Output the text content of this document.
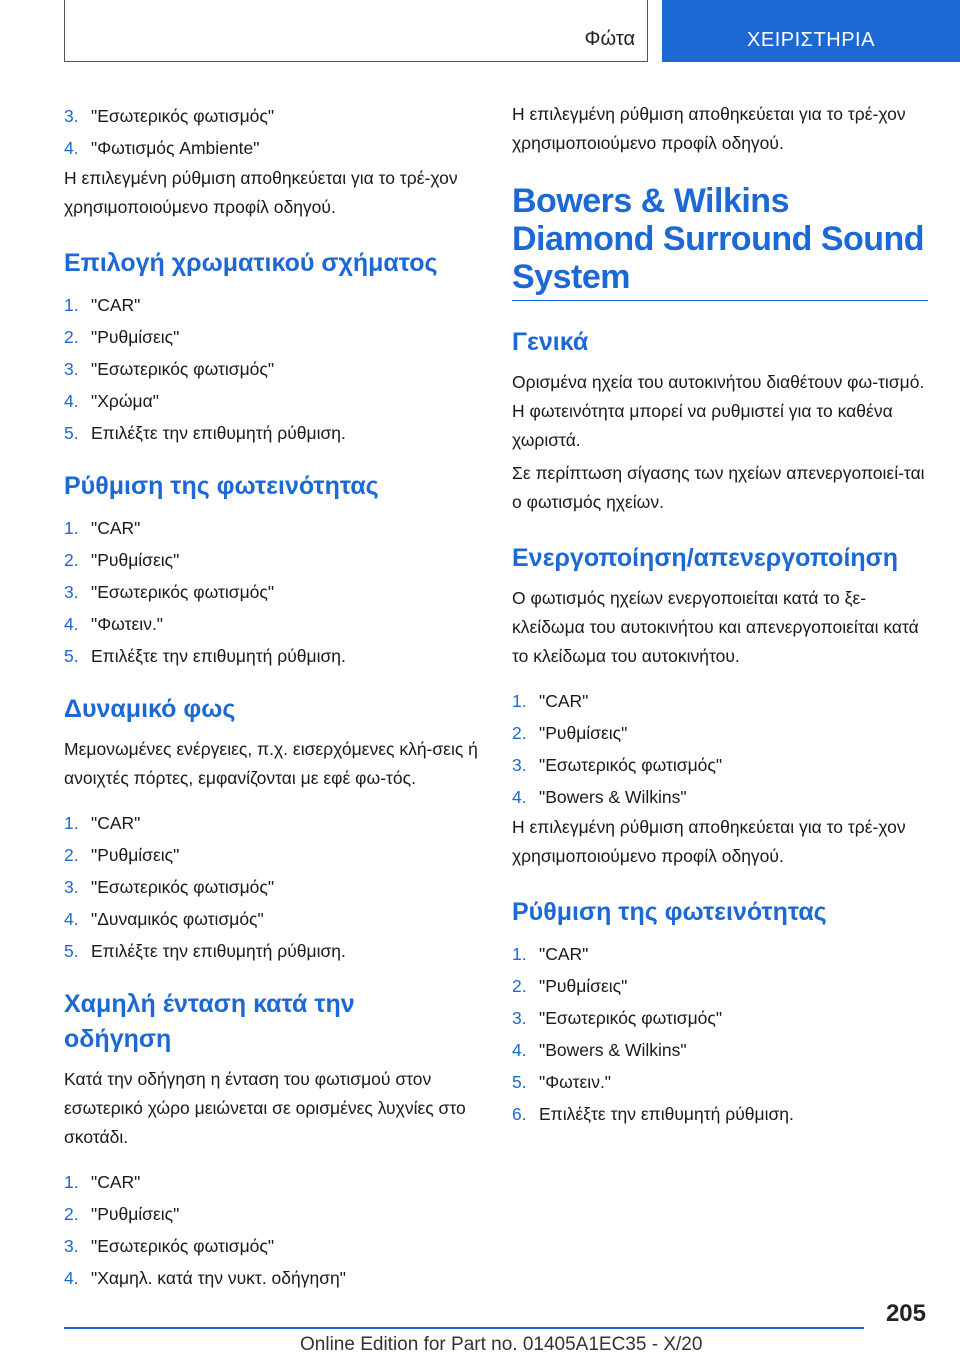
Φώτα	ΧΕΙΡΙΣΤΗΡΙΑ
3. "Εσωτερικός φωτισμός"
4. "Φωτισμός Ambiente"
Η επιλεγμένη ρύθμιση αποθηκεύεται για το τρέ-χον χρησιμοποιούμενο προφίλ οδηγού.
Επιλογή χρωματικού σχήματος
1. "CAR"
2. "Ρυθμίσεις"
3. "Εσωτερικός φωτισμός"
4. "Χρώμα"
5. Επιλέξτε την επιθυμητή ρύθμιση.
Ρύθμιση της φωτεινότητας
1. "CAR"
2. "Ρυθμίσεις"
3. "Εσωτερικός φωτισμός"
4. "Φωτειν."
5. Επιλέξτε την επιθυμητή ρύθμιση.
Δυναμικό φως
Μεμονωμένες ενέργειες, π.χ. εισερχόμενες κλή-σεις ή ανοιχτές πόρτες, εμφανίζονται με εφέ φω-τός.
1. "CAR"
2. "Ρυθμίσεις"
3. "Εσωτερικός φωτισμός"
4. "Δυναμικός φωτισμός"
5. Επιλέξτε την επιθυμητή ρύθμιση.
Χαμηλή ένταση κατά την οδήγηση
Κατά την οδήγηση η ένταση του φωτισμού στον εσωτερικό χώρο μειώνεται σε ορισμένες λυχνίες στο σκοτάδι.
1. "CAR"
2. "Ρυθμίσεις"
3. "Εσωτερικός φωτισμός"
4. "Χαμηλ. κατά την νυκτ. οδήγηση"
Η επιλεγμένη ρύθμιση αποθηκεύεται για το τρέ-χον χρησιμοποιούμενο προφίλ οδηγού.
Bowers & Wilkins Diamond Surround Sound System
Γενικά
Ορισμένα ηχεία του αυτοκινήτου διαθέτουν φω-τισμό. Η φωτεινότητα μπορεί να ρυθμιστεί για το καθένα χωριστά.
Σε περίπτωση σίγασης των ηχείων απενεργοποιεί-ται ο φωτισμός ηχείων.
Ενεργοποίηση/απενεργοποίηση
Ο φωτισμός ηχείων ενεργοποιείται κατά το ξε-κλείδωμα του αυτοκινήτου και απενεργοποιείται κατά το κλείδωμα του αυτοκινήτου.
1. "CAR"
2. "Ρυθμίσεις"
3. "Εσωτερικός φωτισμός"
4. "Bowers & Wilkins"
Η επιλεγμένη ρύθμιση αποθηκεύεται για το τρέ-χον χρησιμοποιούμενο προφίλ οδηγού.
Ρύθμιση της φωτεινότητας
1. "CAR"
2. "Ρυθμίσεις"
3. "Εσωτερικός φωτισμός"
4. "Bowers & Wilkins"
5. "Φωτειν."
6. Επιλέξτε την επιθυμητή ρύθμιση.
205
Online Edition for Part no. 01405A1EC35 - X/20
